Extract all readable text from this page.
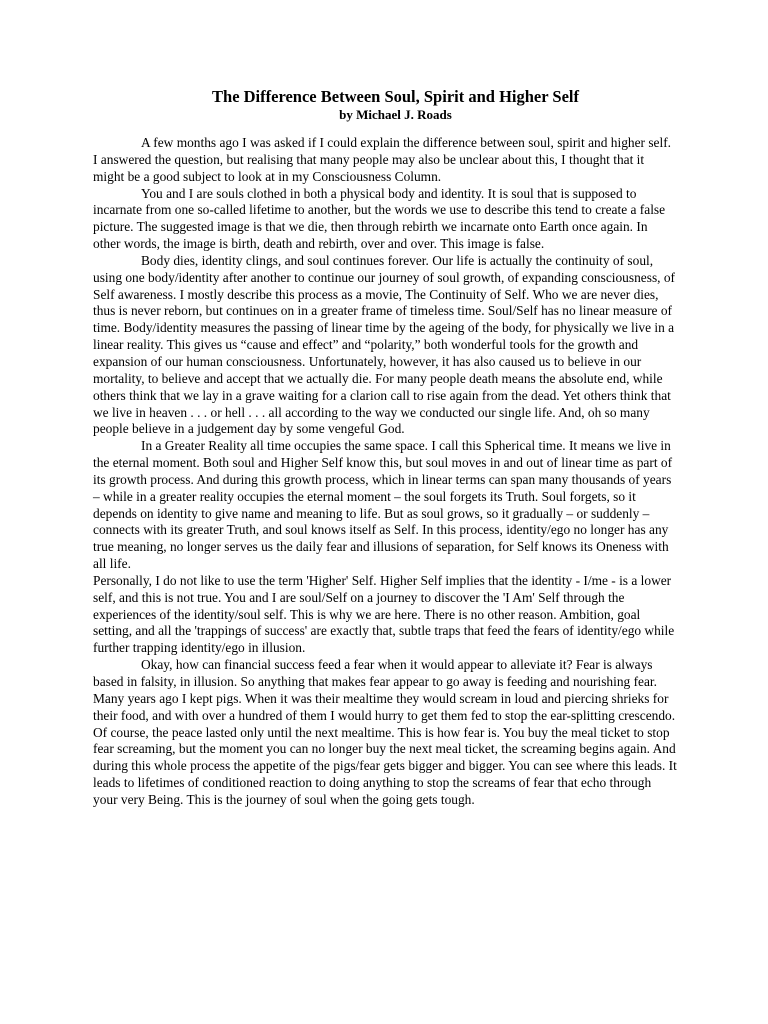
The Difference Between Soul, Spirit and Higher Self
by Michael J. Roads

A few months ago I was asked if I could explain the difference between soul, spirit and higher self. I answered the question, but realising that many people may also be unclear about this, I thought that it might be a good subject to look at in my Consciousness Column.

You and I are souls clothed in both a physical body and identity. It is soul that is supposed to incarnate from one so-called lifetime to another, but the words we use to describe this tend to create a false picture. The suggested image is that we die, then through rebirth we incarnate onto Earth once again. In other words, the image is birth, death and rebirth, over and over. This image is false.

Body dies, identity clings, and soul continues forever. Our life is actually the continuity of soul, using one body/identity after another to continue our journey of soul growth, of expanding consciousness, of Self awareness. I mostly describe this process as a movie, The Continuity of Self. Who we are never dies, thus is never reborn, but continues on in a greater frame of timeless time. Soul/Self has no linear measure of time. Body/identity measures the passing of linear time by the ageing of the body, for physically we live in a linear reality. This gives us “cause and effect” and “polarity,” both wonderful tools for the growth and expansion of our human consciousness. Unfortunately, however, it has also caused us to believe in our mortality, to believe and accept that we actually die. For many people death means the absolute end, while others think that we lay in a grave waiting for a clarion call to rise again from the dead. Yet others think that we live in heaven . . . or hell . . . all according to the way we conducted our single life. And, oh so many people believe in a judgement day by some vengeful God.

In a Greater Reality all time occupies the same space. I call this Spherical time. It means we live in the eternal moment. Both soul and Higher Self know this, but soul moves in and out of linear time as part of its growth process. And during this growth process, which in linear terms can span many thousands of years – while in a greater reality occupies the eternal moment – the soul forgets its Truth. Soul forgets, so it depends on identity to give name and meaning to life. But as soul grows, so it gradually – or suddenly – connects with its greater Truth, and soul knows itself as Self. In this process, identity/ego no longer has any true meaning, no longer serves us the daily fear and illusions of separation, for Self knows its Oneness with all life.

Personally, I do not like to use the term 'Higher' Self. Higher Self implies that the identity - I/me - is a lower self, and this is not true. You and I are soul/Self on a journey to discover the 'I Am' Self through the experiences of the identity/soul self. This is why we are here. There is no other reason. Ambition, goal setting, and all the 'trappings of success' are exactly that, subtle traps that feed the fears of identity/ego while further trapping identity/ego in illusion.

Okay, how can financial success feed a fear when it would appear to alleviate it? Fear is always based in falsity, in illusion. So anything that makes fear appear to go away is feeding and nourishing fear. Many years ago I kept pigs. When it was their mealtime they would scream in loud and piercing shrieks for their food, and with over a hundred of them I would hurry to get them fed to stop the ear-splitting crescendo. Of course, the peace lasted only until the next mealtime. This is how fear is. You buy the meal ticket to stop fear screaming, but the moment you can no longer buy the next meal ticket, the screaming begins again. And during this whole process the appetite of the pigs/fear gets bigger and bigger. You can see where this leads. It leads to lifetimes of conditioned reaction to doing anything to stop the screams of fear that echo through your very Being. This is the journey of soul when the going gets tough.
